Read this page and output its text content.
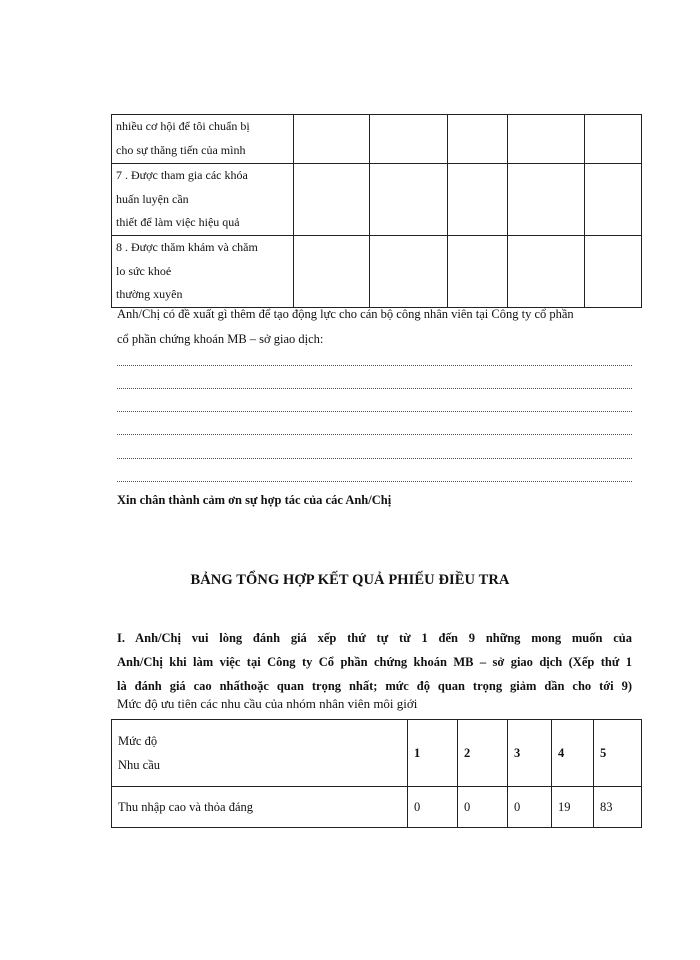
nhiều cơ hội để tôi chuẩn bị
cho sự thăng tiến của mình					

7 . Được tham gia các khóa
huấn luyện cần
thiết để làm việc hiệu quả					

8 . Được thăm khám và chăm
lo sức khoẻ
thường xuyên					

Anh/Chị có đề xuất gì thêm để tạo động lực cho cán bộ công nhân viên tại Công ty cổ phần
cổ phần chứng khoán MB – sở giao dịch:
Xin chân thành cảm ơn sự hợp tác của các Anh/Chị
BẢNG TỔNG HỢP KẾT QUẢ PHIẾU ĐIỀU TRA
I. Anh/Chị vui lòng đánh giá xếp thứ tự từ 1 đến 9 những mong muốn của
Anh/Chị khi làm việc tại Công ty Cổ phần chứng khoán MB – sở giao dịch (Xếp thứ 1
là đánh giá cao nhấthoặc quan trọng nhất; mức độ quan trọng giảm dần cho tới 9)
Mức độ ưu tiên các nhu cầu của nhóm nhân viên môi giới
Mức độ
Nhu cầu	1	2	3	4	5
Thu nhập cao và thỏa đáng	0	0	0	19	83
